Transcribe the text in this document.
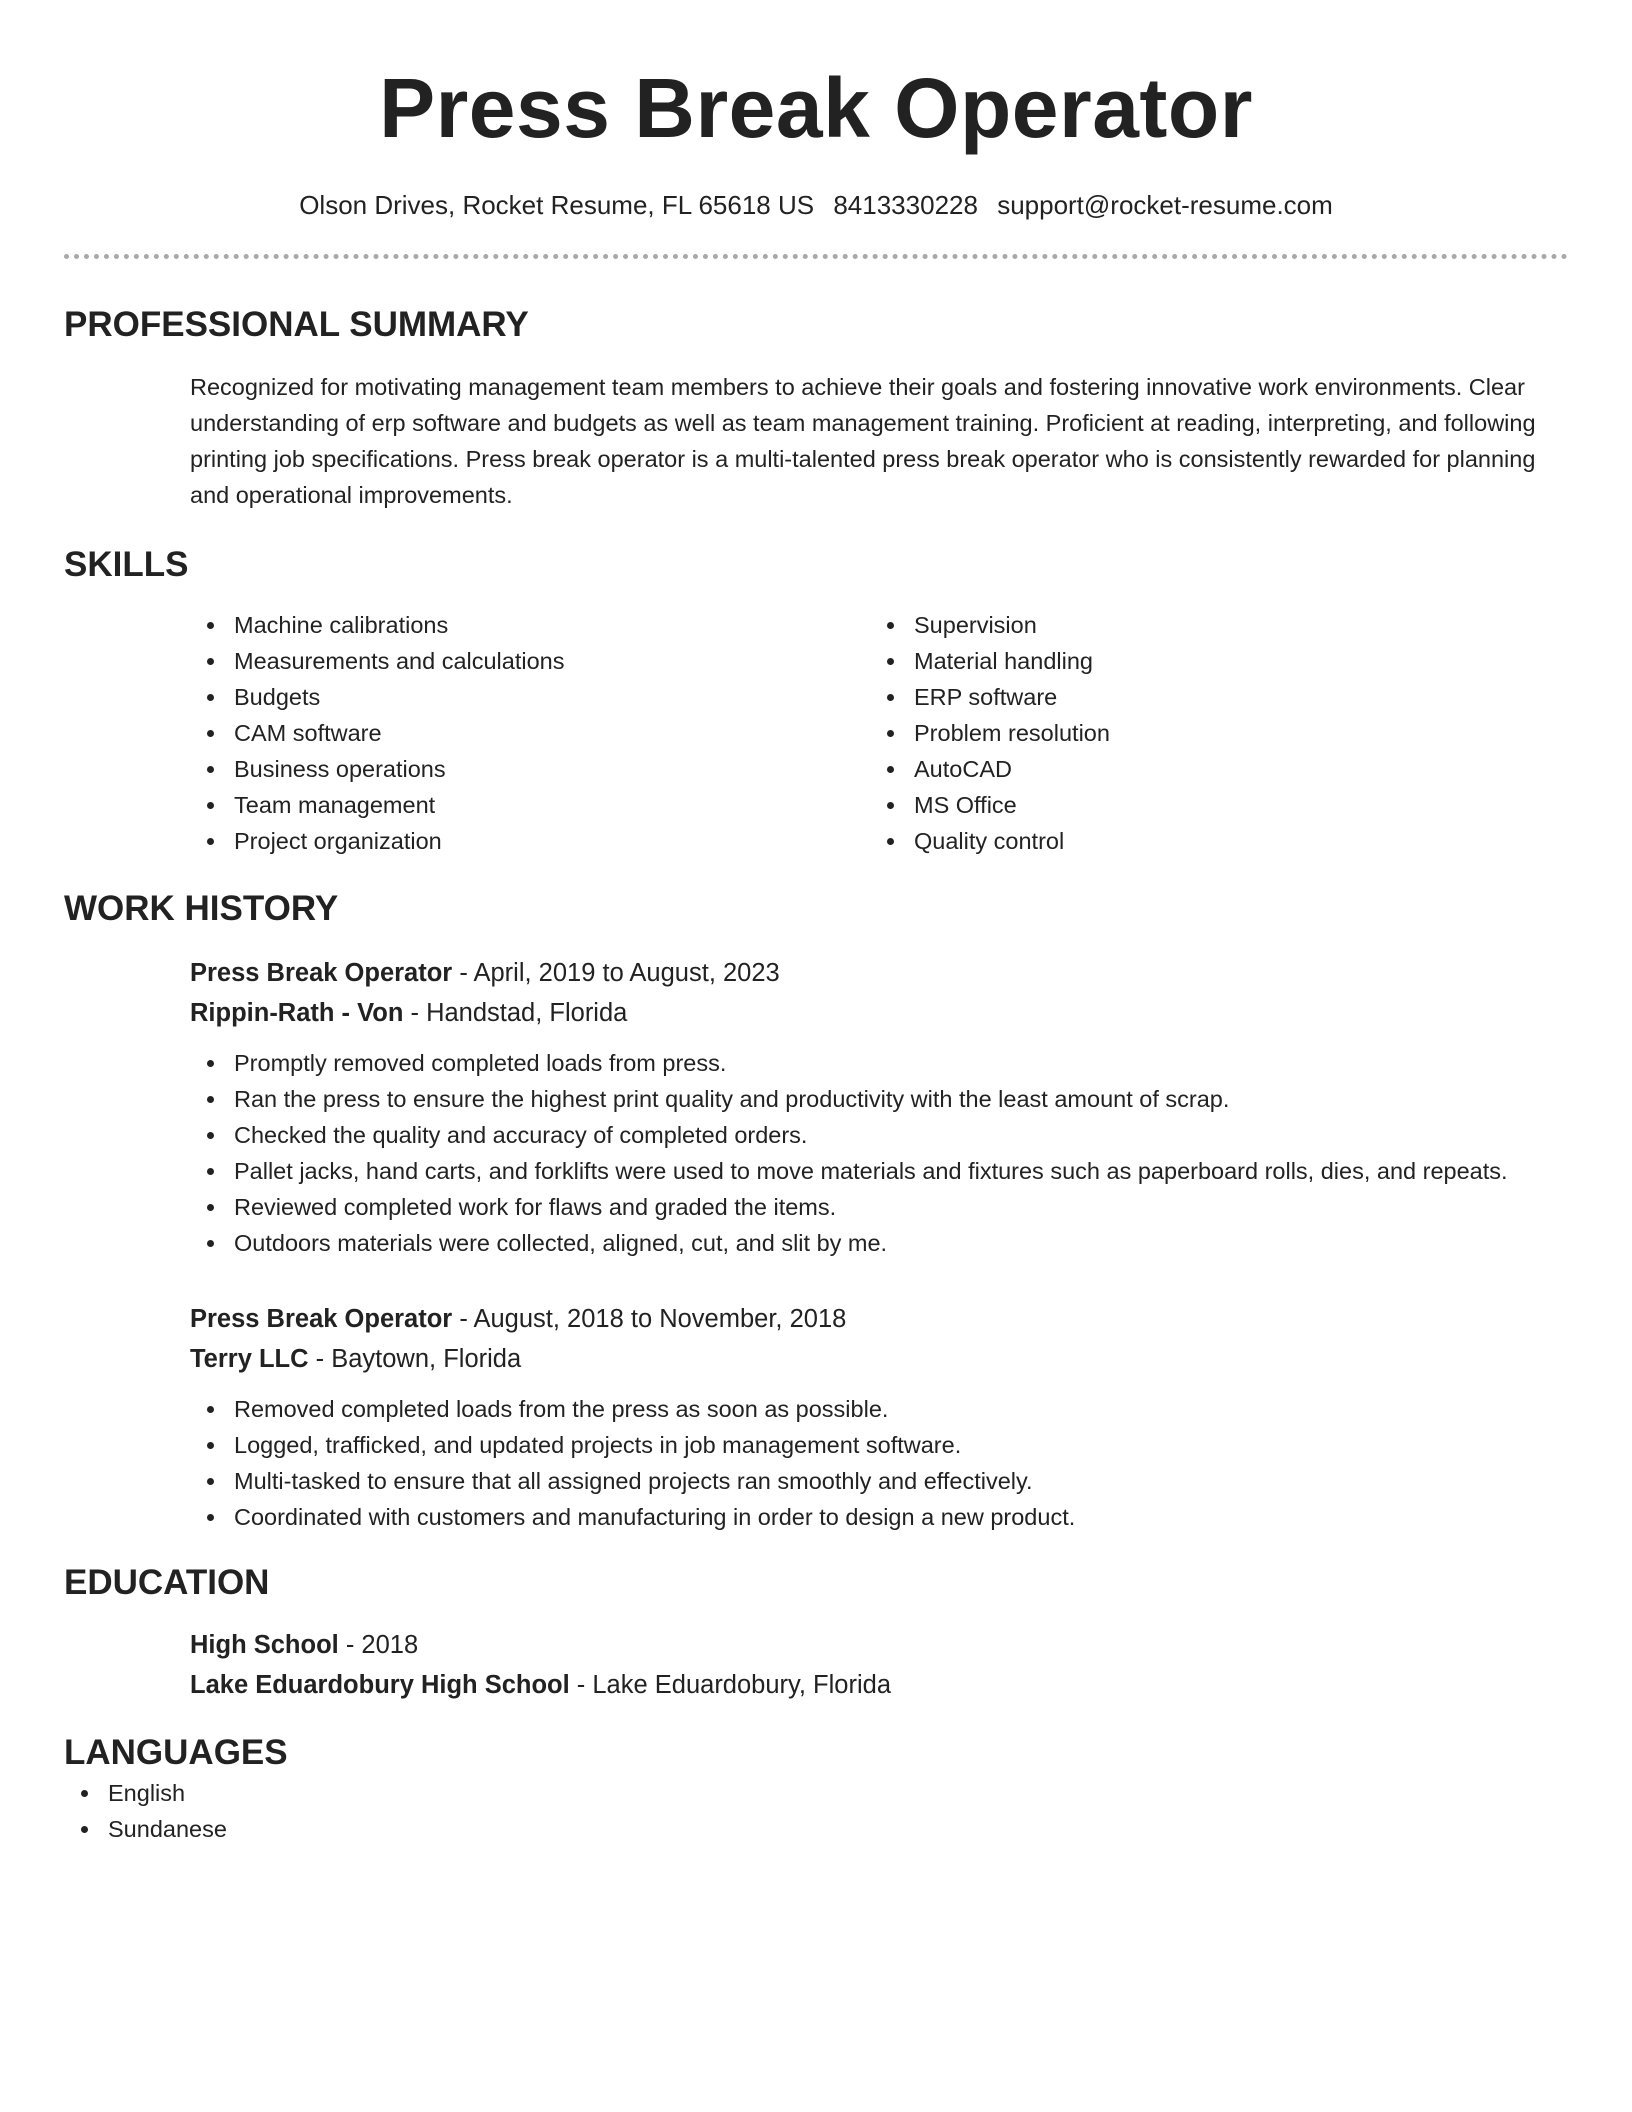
Press Break Operator
Olson Drives, Rocket Resume, FL 65618 US 8413330228 support@rocket-resume.com
PROFESSIONAL SUMMARY
Recognized for motivating management team members to achieve their goals and fostering innovative work environments. Clear understanding of erp software and budgets as well as team management training. Proficient at reading, interpreting, and following printing job specifications. Press break operator is a multi-talented press break operator who is consistently rewarded for planning and operational improvements.
SKILLS
Machine calibrations
Measurements and calculations
Budgets
CAM software
Business operations
Team management
Project organization
Supervision
Material handling
ERP software
Problem resolution
AutoCAD
MS Office
Quality control
WORK HISTORY
Press Break Operator - April, 2019 to August, 2023
Rippin-Rath - Von - Handstad, Florida
Promptly removed completed loads from press.
Ran the press to ensure the highest print quality and productivity with the least amount of scrap.
Checked the quality and accuracy of completed orders.
Pallet jacks, hand carts, and forklifts were used to move materials and fixtures such as paperboard rolls, dies, and repeats.
Reviewed completed work for flaws and graded the items.
Outdoors materials were collected, aligned, cut, and slit by me.
Press Break Operator - August, 2018 to November, 2018
Terry LLC - Baytown, Florida
Removed completed loads from the press as soon as possible.
Logged, trafficked, and updated projects in job management software.
Multi-tasked to ensure that all assigned projects ran smoothly and effectively.
Coordinated with customers and manufacturing in order to design a new product.
EDUCATION
High School - 2018
Lake Eduardobury High School - Lake Eduardobury, Florida
LANGUAGES
English
Sundanese
